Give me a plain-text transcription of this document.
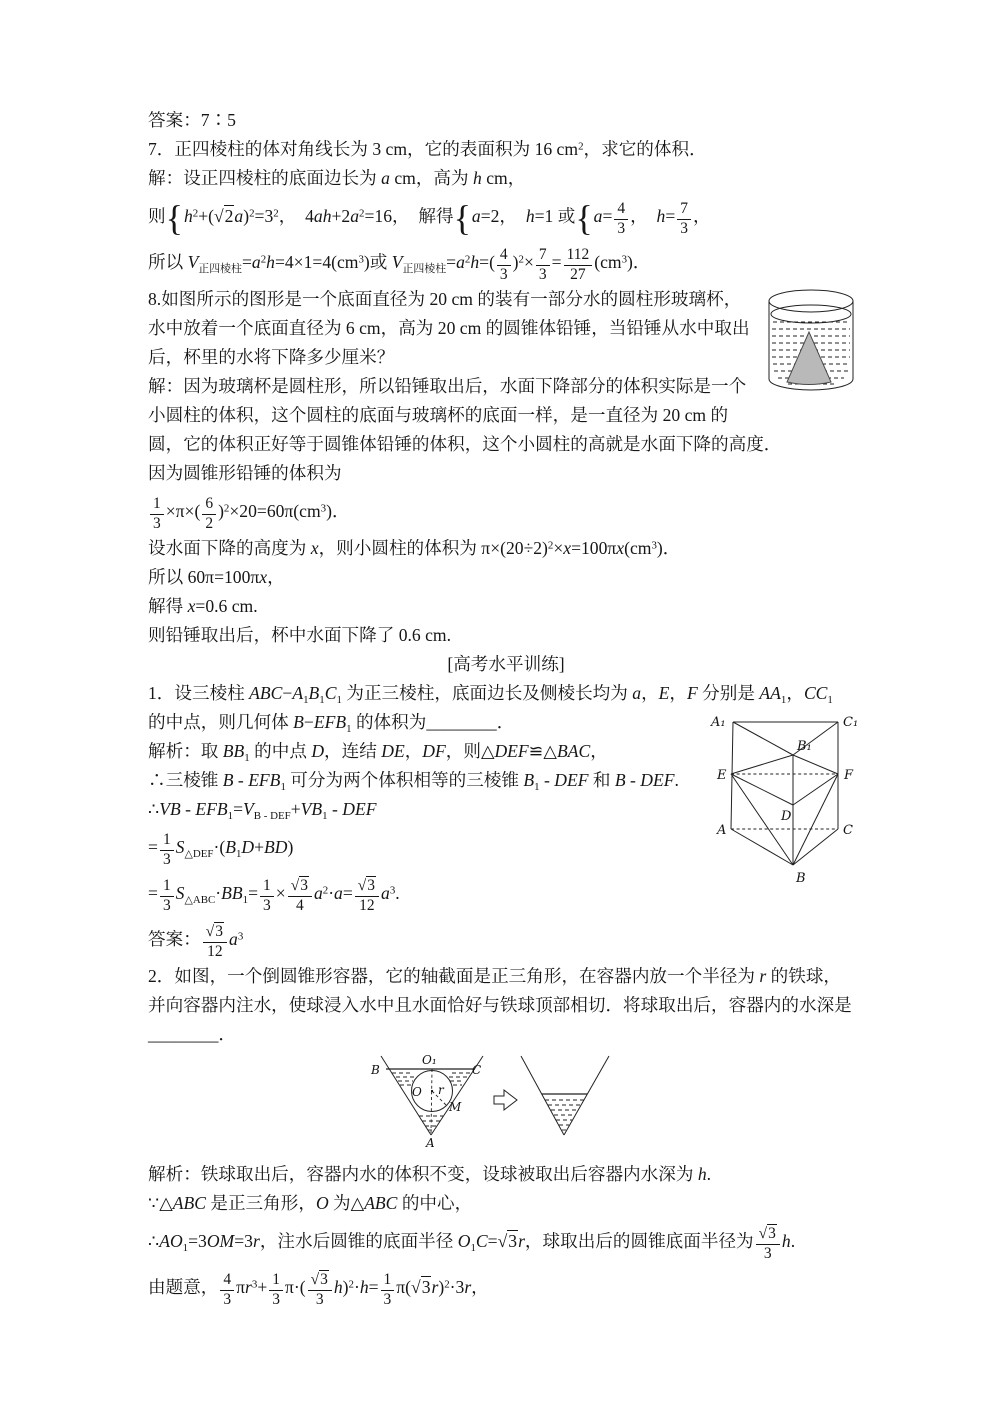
答案：7∶5
7．正四棱柱的体对角线长为 3 cm，它的表面积为 16 $cm^2$，求它的体积．
解：设正四棱柱的底面边长为 a cm，高为 h cm，
则{$h^2+(√2a)^2=3^2$，　$4ah+2a^2=16$，　解得{a=2，　h=1 或{$a= \frac{4}{3}$ ，　$h= \frac{7}{3}$ ，
所以 $V_{正四棱柱}=a^2h=4\times 1=4(cm^3)$或 $V_{正四棱柱}=a^2h=( \frac{4}{3} )^2\times \frac{7}{3} = \frac{112}{27} (cm^3)$．
8.如图所示的图形是一个底面直径为 20 cm 的装有一部分水的圆柱形玻璃杯，
水中放着一个底面直径为 6 cm，高为 20 cm 的圆锥体铅锤，当铅锤从水中取出
后，杯里的水将下降多少厘米？
解：因为玻璃杯是圆柱形，所以铅锤取出后，水面下降部分的体积实际是一个
小圆柱的体积，这个圆柱的底面与玻璃杯的底面一样，是一直径为 20 cm 的
圆，它的体积正好等于圆锥体铅锤的体积，这个小圆柱的高就是水面下降的高度．
因为圆锥形铅锤的体积为
$\frac{1}{3} \times\pi\times( \frac{6}{2} )^2\times 20=60\pi(cm^3)$．
设水面下降的高度为 x，则小圆柱的体积为 $\pi\times(20\div 2)^2\times x=100\pi x(cm^3)$．
所以 60π=100πx，
解得 x=0.6 cm.
则铅锤取出后，杯中水面下降了 0.6 cm.
[高考水平训练]
1．设三棱柱 $ABC-A_1B_1C_1$ 为正三棱柱，底面边长及侧棱长均为 a，E，F 分别是 $AA_1$，$CC_1$
的中点，则几何体 $B-EFB_1$ 的体积为________．
解析：取 $BB_1$ 的中点 D，连结 DE，DF，则△DEF≌△BAC，
∴三棱锥 B - $EFB_1$ 可分为两个体积相等的三棱锥 $B_1$ - DEF 和 B - DEF.
∴VB - $EFB_1=V_{B - DEF}+VB_1$ - DEF
= $\frac{1}{3} S_{\triangle DEF}\cdot(B_1D+BD)$
= $\frac{1}{3} S_{\triangle ABC}\cdot BB_1= \frac{1}{3} \times \frac{√3}{4} a^2\cdot a= \frac{√3}{12} a^3$.
答案： $\frac{√3}{12} a^3$
2．如图，一个倒圆锥形容器，它的轴截面是正三角形，在容器内放一个半径为 r 的铁球，
并向容器内注水，使球浸入水中且水面恰好与铁球顶部相切．将球取出后，容器内的水深是
________．
B
O₁
C
O r
M
A
解析：铁球取出后，容器内水的体积不变，设球被取出后容器内水深为 h.
∵△ABC 是正三角形，O 为△ABC 的中心，
$\therefore AO_1=3OM=3r$，注水后圆锥的底面半径 $O_1C=√3r$，球取出后的圆锥底面半径为 $\frac{√3}{3} h$.
由题意， $\frac{4}{3} \pi r^3+ \frac{1}{3} \pi\cdot( \frac{√3}{3} h)^2\cdot h= \frac{1}{3} \pi(√3r)^2\cdot 3r$，
A₁	C₁
B₁
E	F
D
A	C
B
